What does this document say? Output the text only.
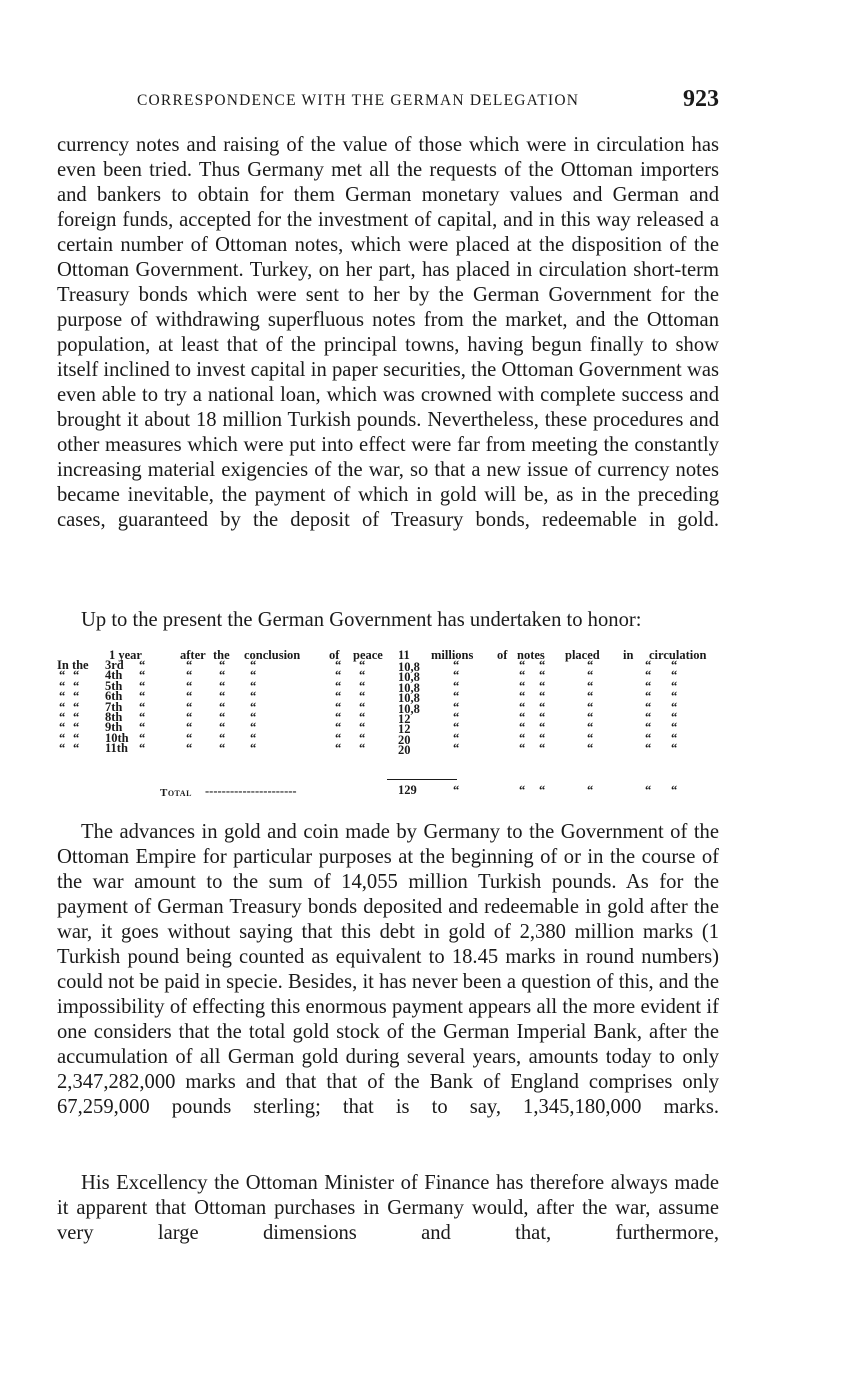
CORRESPONDENCE WITH THE GERMAN DELEGATION	923

currency notes and raising of the value of those which were in circulation has even been tried. Thus Germany met all the requests of the Ottoman importers and bankers to obtain for them German monetary values and German and foreign funds, accepted for the investment of capital, and in this way released a certain number of Ottoman notes, which were placed at the disposition of the Ottoman Government. Turkey, on her part, has placed in circulation short-term Treasury bonds which were sent to her by the German Government for the purpose of withdrawing superfluous notes from the market, and the Ottoman population, at least that of the principal towns, having begun finally to show itself inclined to invest capital in paper securities, the Ottoman Government was even able to try a national loan, which was crowned with complete success and brought it about 18 million Turkish pounds. Nevertheless, these procedures and other measures which were put into effect were far from meeting the constantly increasing material exigencies of the war, so that a new issue of currency notes became inevitable, the payment of which in gold will be, as in the preceding cases, guaranteed by the deposit of Treasury bonds, redeemable in gold.

Up to the present the German Government has undertaken to honor:

1 year	after the conclusion of peace 11 millions of notes placed in circulation
In the 3rd “	“ “ “	“ “	10,8	“	“ “	“	“ “
“ “ 4th “	“ “ “	“ “	10,8	“	“ “	“	“ “
“ “ 5th “	“ “ “	“ “	10,8	“	“ “	“	“ “
“ “ 6th “	“ “ “	“ “	10,8	“	“ “	“	“ “
“ “ 7th “	“ “ “	“ “	10,8	“	“ “	“	“ “
“ “ 8th “	“ “ “	“ “	12	“	“ “	“	“ “
“ “ 9th “	“ “ “	“ “	12	“	“ “	“	“ “
“ “ 10th “	“ “ “	“ “	20	“	“ “	“	“ “
“ “ 11th “	“ “ “	“ “	20	“	“ “	“	“ “
Total ----------------------	129	“	“ “	“	“ “

The advances in gold and coin made by Germany to the Government of the Ottoman Empire for particular purposes at the beginning of or in the course of the war amount to the sum of 14,055 million Turkish pounds. As for the payment of German Treasury bonds deposited and redeemable in gold after the war, it goes without saying that this debt in gold of 2,380 million marks (1 Turkish pound being counted as equivalent to 18.45 marks in round numbers) could not be paid in specie. Besides, it has never been a question of this, and the impossibility of effecting this enormous payment appears all the more evident if one considers that the total gold stock of the German Imperial Bank, after the accumulation of all German gold during several years, amounts today to only 2,347,282,000 marks and that that of the Bank of England comprises only 67,259,000 pounds sterling; that is to say, 1,345,180,000 marks.

His Excellency the Ottoman Minister of Finance has therefore always made it apparent that Ottoman purchases in Germany would, after the war, assume very large dimensions and that, furthermore,
